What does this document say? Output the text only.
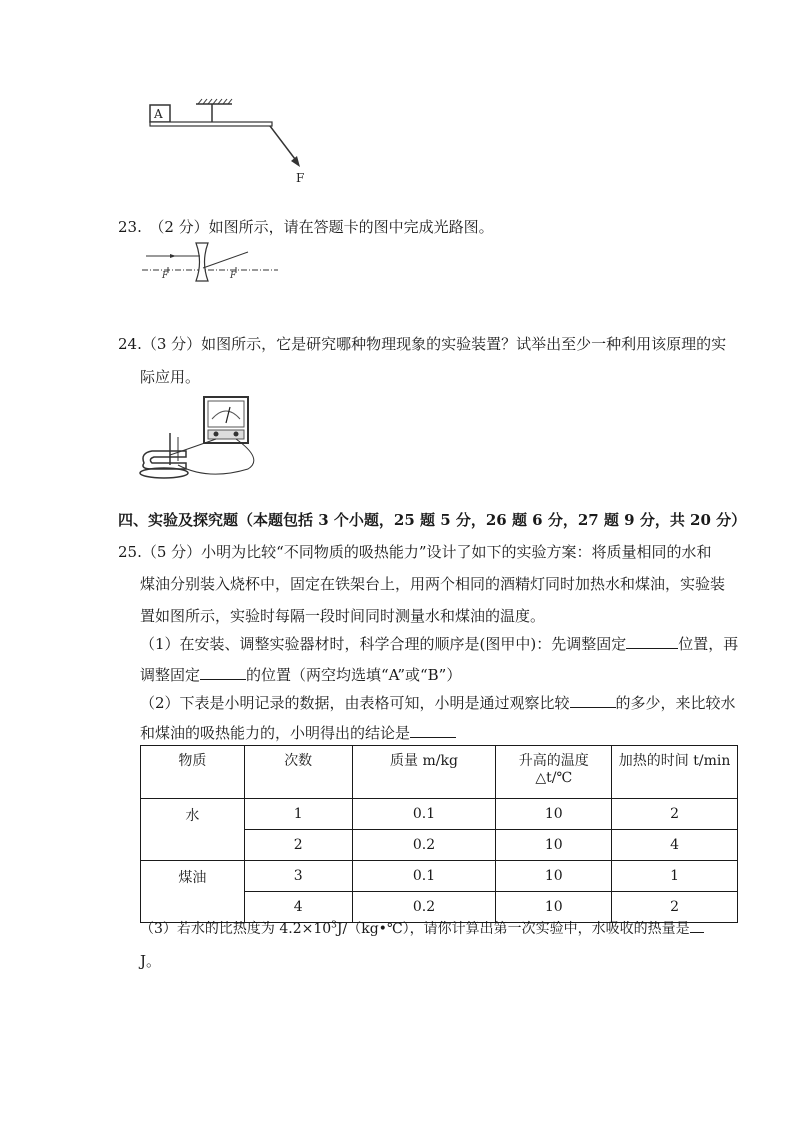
A
F
23.　（2 分）如图所示，请在答题卡的图中完成光路图。
F	F
24.（3 分）如图所示，它是研究哪种物理现象的实验装置？试举出至少一种利用该原理的实
际应用。
四、实验及探究题（本题包括 3 个小题，25 题 5 分，26 题 6 分，27 题 9 分，共 20 分）
25.（5 分）小明为比较“不同物质的吸热能力”设计了如下的实验方案：将质量相同的水和
煤油分别装入烧杯中，固定在铁架台上，用两个相同的酒精灯同时加热水和煤油，实验装
置如图所示，实验时每隔一段时间同时测量水和煤油的温度。
（1）在安装、调整实验器材时，科学合理的顺序是(图甲中)：先调整固定	位置，再
调整固定	的位置（两空均选填“A”或“B”）
（2）下表是小明记录的数据，由表格可知，小明是通过观察比较	的多少，来比较水
和煤油的吸热能力的，小明得出的结论是
物质	次数	质量 m/kg	升高的温度
△t/℃	加热的时间 t/min
水	1	0.1	10	2
	2	0.2	10	4
煤油	3	0.1	10	1
	4	0.2	10	2
（3）若水的比热度为 $4.2\times 10^3J/(kg•℃)$，请你计算出第一次实验中，水吸收的热量是
J。
